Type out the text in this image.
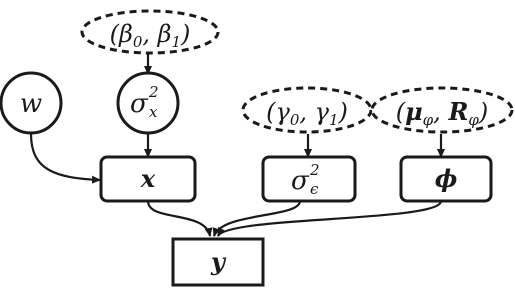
($\beta_0$, $\beta_1$)
($\gamma_0$, $\gamma_1$) ($\mu_\varphi$, $R_\varphi$)
w	σ 2
x
x	σ 2
ϵ	ϕ
y
